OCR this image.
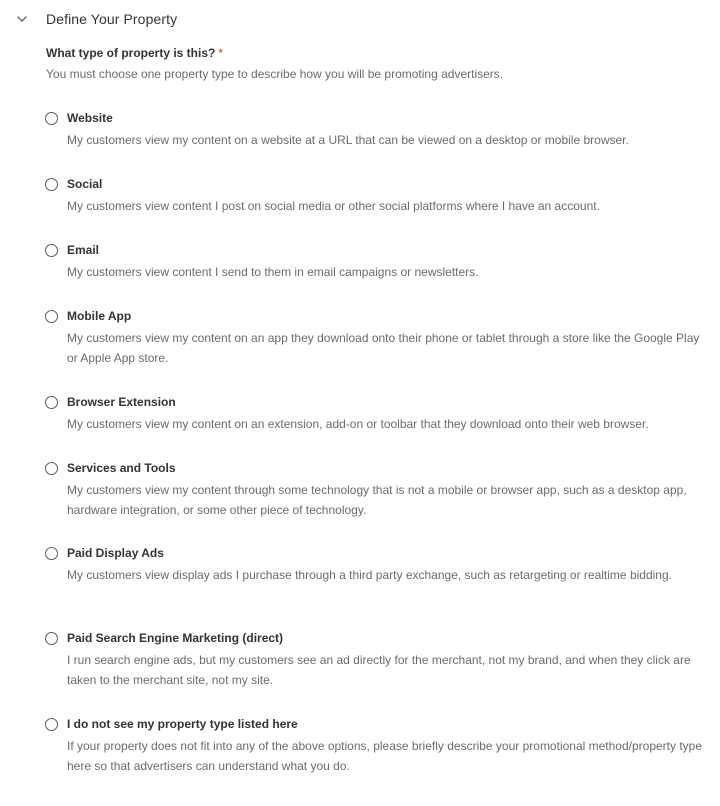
Define Your Property
What type of property is this? *
You must choose one property type to describe how you will be promoting advertisers.
Website
My customers view my content on a website at a URL that can be viewed on a desktop or mobile browser.
Social
My customers view content I post on social media or other social platforms where I have an account.
Email
My customers view content I send to them in email campaigns or newsletters.
Mobile App
My customers view my content on an app they download onto their phone or tablet through a store like the Google Play or Apple App store.
Browser Extension
My customers view my content on an extension, add-on or toolbar that they download onto their web browser.
Services and Tools
My customers view my content through some technology that is not a mobile or browser app, such as a desktop app, hardware integration, or some other piece of technology.
Paid Display Ads
My customers view display ads I purchase through a third party exchange, such as retargeting or realtime bidding.
Paid Search Engine Marketing (direct)
I run search engine ads, but my customers see an ad directly for the merchant, not my brand, and when they click are taken to the merchant site, not my site.
I do not see my property type listed here
If your property does not fit into any of the above options, please briefly describe your promotional method/property type here so that advertisers can understand what you do.
